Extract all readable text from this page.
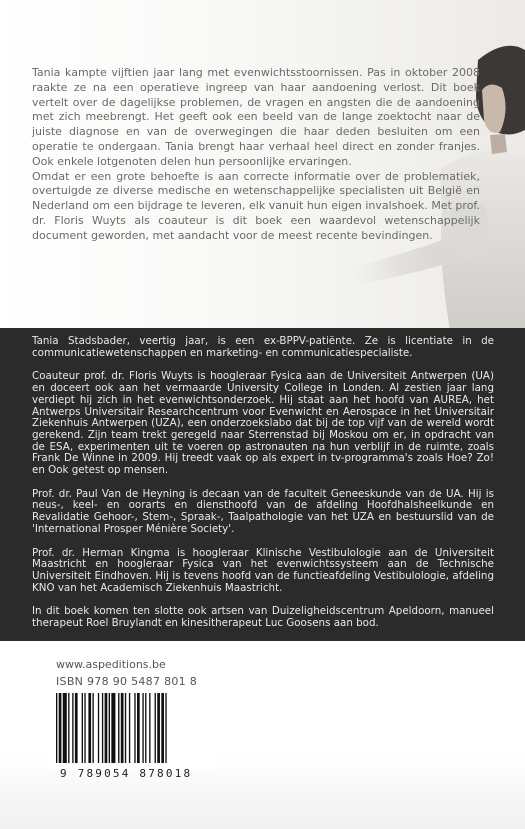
Tania kampte vijftien jaar lang met evenwichtsstoornissen. Pas in oktober 2008 raakte ze na een operatieve ingreep van haar aandoening verlost. Dit boek vertelt over de dagelijkse problemen, de vragen en angsten die de aandoening met zich meebrengt. Het geeft ook een beeld van de lange zoektocht naar de juiste diagnose en van de overwegingen die haar deden besluiten om een operatie te ondergaan. Tania brengt haar verhaal heel direct en zonder franjes. Ook enkele lotgenoten delen hun persoonlijke ervaringen.

Omdat er een grote behoefte is aan correcte informatie over de problematiek, overtuigde ze diverse medische en wetenschappelijke specialisten uit België en Nederland om een bijdrage te leveren, elk vanuit hun eigen invalshoek. Met prof. dr. Floris Wuyts als coauteur is dit boek een waardevol wetenschappelijk document geworden, met aandacht voor de meest recente bevindingen.

Tania Stadsbader, veertig jaar, is een ex-BPPV-patiënte. Ze is licentiate in de communicatiewetenschappen en marketing- en communicatiespecialiste.

Coauteur prof. dr. Floris Wuyts is hoogleraar Fysica aan de Universiteit Antwerpen (UA) en doceert ook aan het vermaarde University College in Londen. Al zestien jaar lang verdiept hij zich in het evenwichtsonderzoek. Hij staat aan het hoofd van AUREA, het Antwerps Universitair Researchcentrum voor Evenwicht en Aerospace in het Universitair Ziekenhuis Antwerpen (UZA), een onderzoekslabo dat bij de top vijf van de wereld wordt gerekend. Zijn team trekt geregeld naar Sterrenstad bij Moskou om er, in opdracht van de ESA, experimenten uit te voeren op astronauten na hun verblijf in de ruimte, zoals Frank De Winne in 2009. Hij treedt vaak op als expert in tv-programma's zoals Hoe? Zo! en Ook getest op mensen.

Prof. dr. Paul Van de Heyning is decaan van de faculteit Geneeskunde van de UA. Hij is neus-, keel- en oorarts en diensthoofd van de afdeling Hoofdhalsheelkunde en Revalidatie Gehoor-, Stem-, Spraak-, Taalpathologie van het UZA en bestuurslid van de 'International Prosper Ménière Society'.

Prof. dr. Herman Kingma is hoogleraar Klinische Vestibulologie aan de Universiteit Maastricht en hoogleraar Fysica van het evenwichtssysteem aan de Technische Universiteit Eindhoven. Hij is tevens hoofd van de functieafdeling Vestibulologie, afdeling KNO van het Academisch Ziekenhuis Maastricht.

In dit boek komen ten slotte ook artsen van Duizeligheidscentrum Apeldoorn, manueel therapeut Roel Bruylandt en kinesitherapeut Luc Goosens aan bod.

www.aspeditions.be
ISBN 978 90 5487 801 8
9 789054 878018
